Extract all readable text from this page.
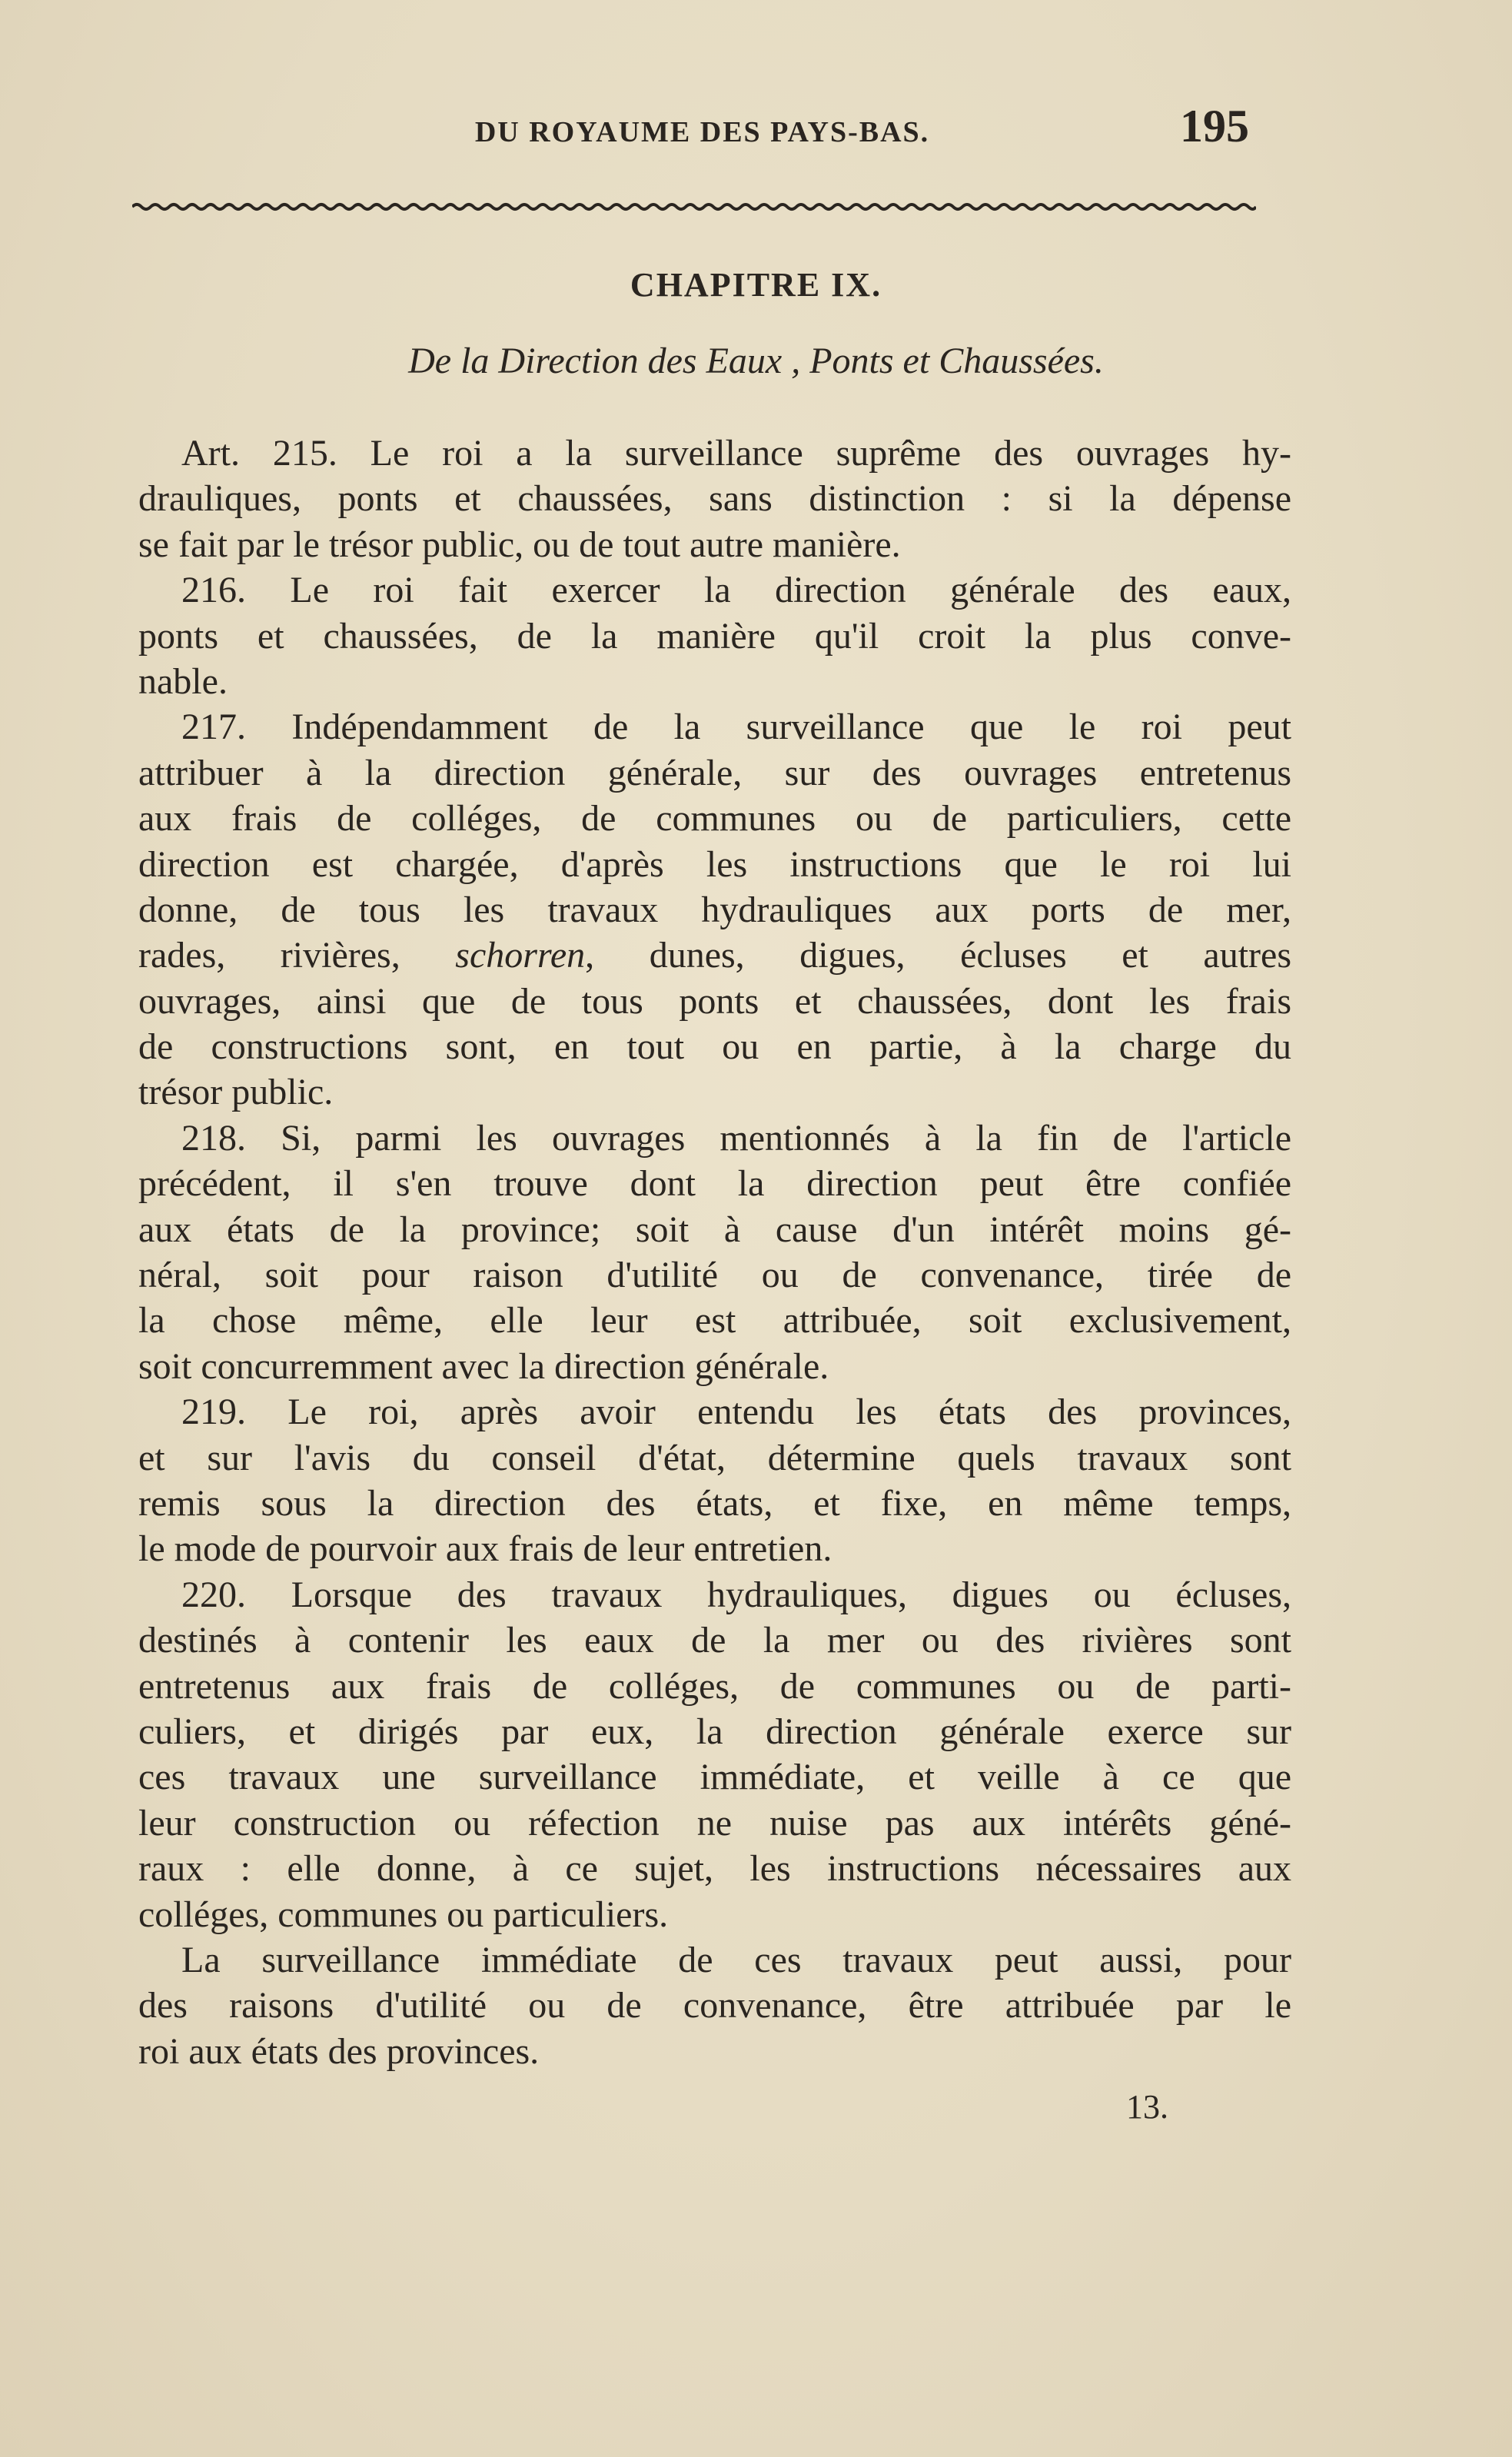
DU ROYAUME DES PAYS-BAS.	195
CHAPITRE IX.
De la Direction des Eaux , Ponts et Chaussées.
Art. 215. Le roi a la surveillance suprême des ouvrages hy-
drauliques, ponts et chaussées, sans distinction : si la dépense
se fait par le trésor public, ou de tout autre manière.
216. Le roi fait exercer la direction générale des eaux,
ponts et chaussées, de la manière qu'il croit la plus conve-
nable.
217. Indépendamment de la surveillance que le roi peut
attribuer à la direction générale, sur des ouvrages entretenus
aux frais de colléges, de communes ou de particuliers, cette
direction est chargée, d'après les instructions que le roi lui
donne, de tous les travaux hydrauliques aux ports de mer,
rades, rivières, schorren, dunes, digues, écluses et autres
ouvrages, ainsi que de tous ponts et chaussées, dont les frais
de constructions sont, en tout ou en partie, à la charge du
trésor public.
218. Si, parmi les ouvrages mentionnés à la fin de l'article
précédent, il s'en trouve dont la direction peut être confiée
aux états de la province; soit à cause d'un intérêt moins gé-
néral, soit pour raison d'utilité ou de convenance, tirée de
la chose même, elle leur est attribuée, soit exclusivement,
soit concurremment avec la direction générale.
219. Le roi, après avoir entendu les états des provinces,
et sur l'avis du conseil d'état, détermine quels travaux sont
remis sous la direction des états, et fixe, en même temps,
le mode de pourvoir aux frais de leur entretien.
220. Lorsque des travaux hydrauliques, digues ou écluses,
destinés à contenir les eaux de la mer ou des rivières sont
entretenus aux frais de colléges, de communes ou de parti-
culiers, et dirigés par eux, la direction générale exerce sur
ces travaux une surveillance immédiate, et veille à ce que
leur construction ou réfection ne nuise pas aux intérêts géné-
raux : elle donne, à ce sujet, les instructions nécessaires aux
colléges, communes ou particuliers.
La surveillance immédiate de ces travaux peut aussi, pour
des raisons d'utilité ou de convenance, être attribuée par le
roi aux états des provinces.
13.
